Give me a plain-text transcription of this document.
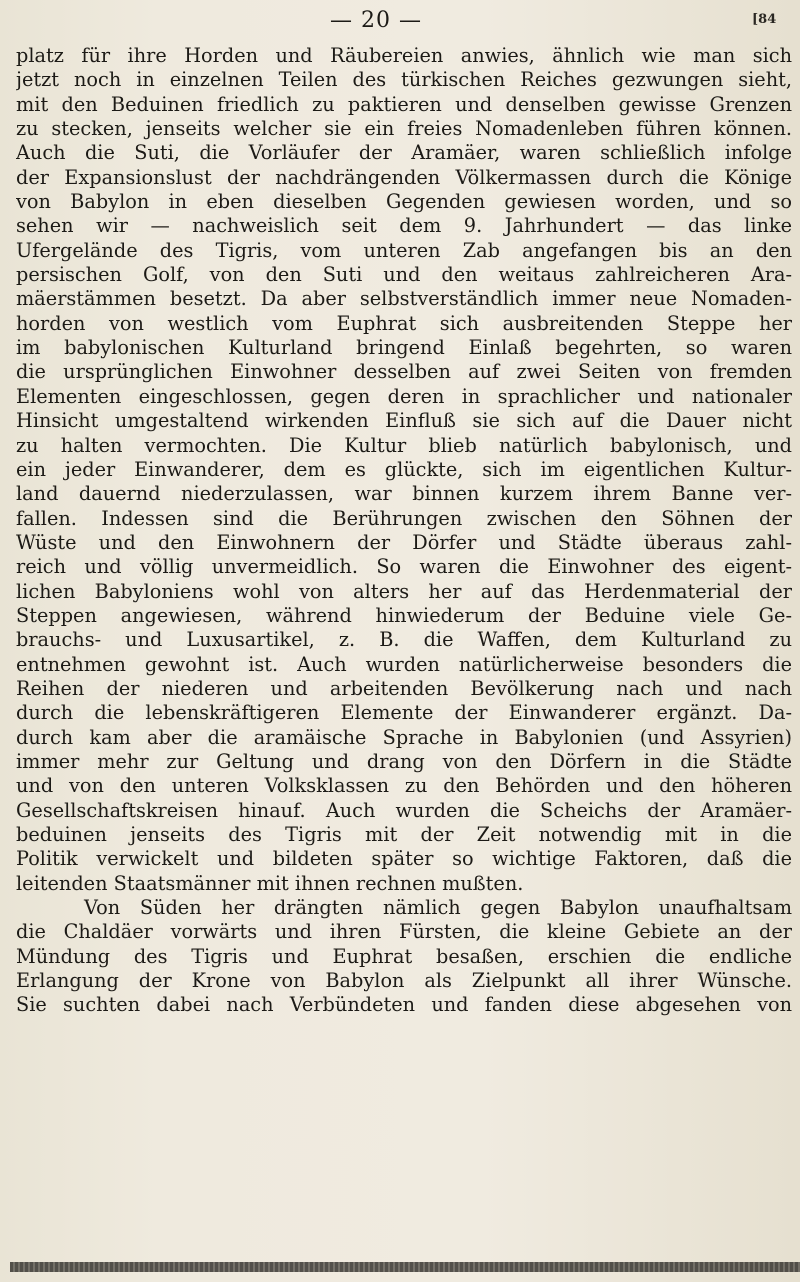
— 20 —	[84
platz für ihre Horden und Räubereien anwies, ähnlich wie man sich
jetzt noch in einzelnen Teilen des türkischen Reiches gezwungen sieht,
mit den Beduinen friedlich zu paktieren und denselben gewisse Grenzen
zu stecken, jenseits welcher sie ein freies Nomadenleben führen können.
Auch die Suti, die Vorläufer der Aramäer, waren schließlich infolge
der Expansionslust der nachdrängenden Völkermassen durch die Könige
von Babylon in eben dieselben Gegenden gewiesen worden, und so
sehen wir — nachweislich seit dem 9. Jahrhundert — das linke
Ufergelände des Tigris, vom unteren Zab angefangen bis an den
persischen Golf, von den Suti und den weitaus zahlreicheren Ara-
mäerstämmen besetzt. Da aber selbstverständlich immer neue Nomaden-
horden von westlich vom Euphrat sich ausbreitenden Steppe her
im babylonischen Kulturland bringend Einlaß begehrten, so waren
die ursprünglichen Einwohner desselben auf zwei Seiten von fremden
Elementen eingeschlossen, gegen deren in sprachlicher und nationaler
Hinsicht umgestaltend wirkenden Einfluß sie sich auf die Dauer nicht
zu halten vermochten. Die Kultur blieb natürlich babylonisch, und
ein jeder Einwanderer, dem es glückte, sich im eigentlichen Kultur-
land dauernd niederzulassen, war binnen kurzem ihrem Banne ver-
fallen. Indessen sind die Berührungen zwischen den Söhnen der
Wüste und den Einwohnern der Dörfer und Städte überaus zahl-
reich und völlig unvermeidlich. So waren die Einwohner des eigent-
lichen Babyloniens wohl von alters her auf das Herdenmaterial der
Steppen angewiesen, während hinwiederum der Beduine viele Ge-
brauchs- und Luxusartikel, z. B. die Waffen, dem Kulturland zu
entnehmen gewohnt ist. Auch wurden natürlicherweise besonders die
Reihen der niederen und arbeitenden Bevölkerung nach und nach
durch die lebenskräftigeren Elemente der Einwanderer ergänzt. Da-
durch kam aber die aramäische Sprache in Babylonien (und Assyrien)
immer mehr zur Geltung und drang von den Dörfern in die Städte
und von den unteren Volksklassen zu den Behörden und den höheren
Gesellschaftskreisen hinauf. Auch wurden die Scheichs der Aramäer-
beduinen jenseits des Tigris mit der Zeit notwendig mit in die
Politik verwickelt und bildeten später so wichtige Faktoren, daß die
leitenden Staatsmänner mit ihnen rechnen mußten.
Von Süden her drängten nämlich gegen Babylon unaufhaltsam
die Chaldäer vorwärts und ihren Fürsten, die kleine Gebiete an der
Mündung des Tigris und Euphrat besaßen, erschien die endliche
Erlangung der Krone von Babylon als Zielpunkt all ihrer Wünsche.
Sie suchten dabei nach Verbündeten und fanden diese abgesehen von
